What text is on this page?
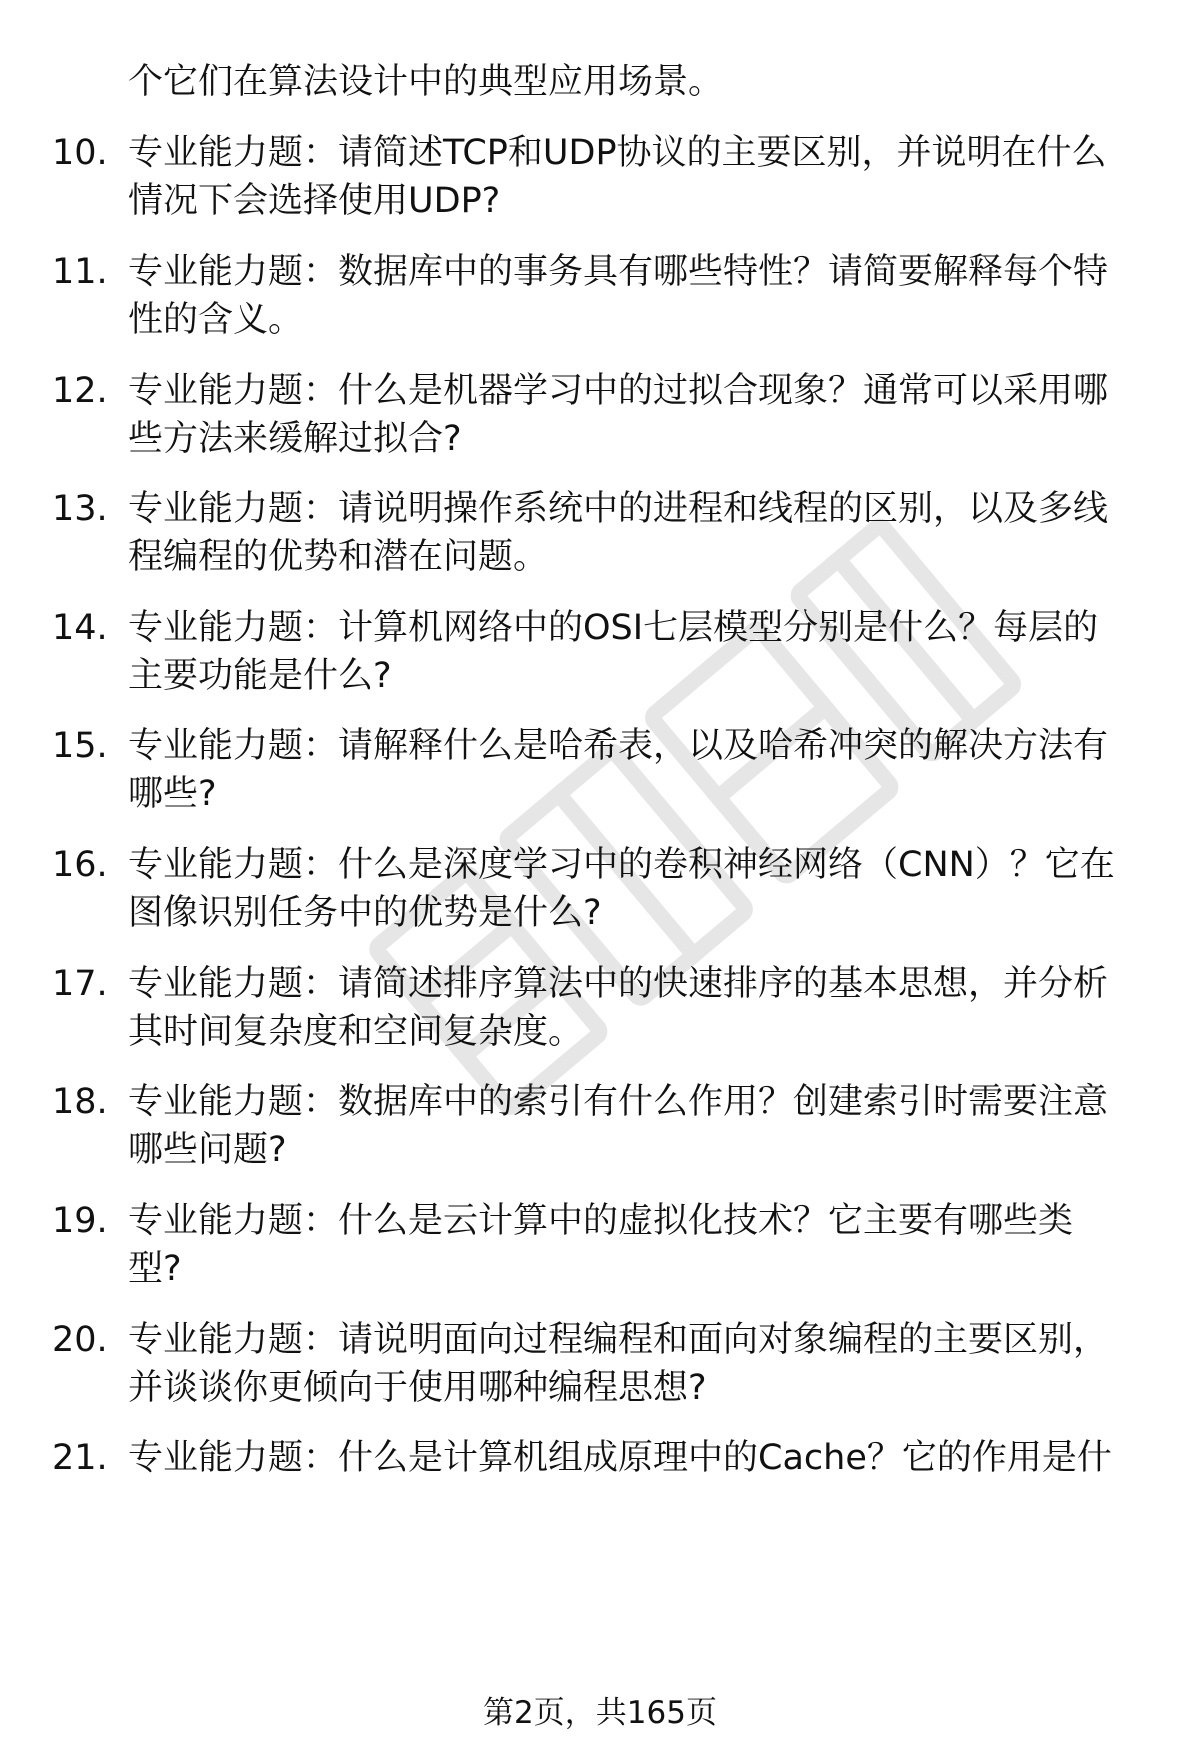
个它们在算法设计中的典型应用场景。
10. 专业能力题：请简述TCP和UDP协议的主要区别，并说明在什么
情况下会选择使用UDP?
11. 专业能力题：数据库中的事务具有哪些特性？请简要解释每个特
性的含义。
12. 专业能力题：什么是机器学习中的过拟合现象？通常可以采用哪
些方法来缓解过拟合?
13. 专业能力题：请说明操作系统中的进程和线程的区别，以及多线
程编程的优势和潜在问题。
14. 专业能力题：计算机网络中的OSI七层模型分别是什么？每层的
主要功能是什么?
15. 专业能力题：请解释什么是哈希表，以及哈希冲突的解决方法有
哪些?
16. 专业能力题：什么是深度学习中的卷积神经网络（CNN）？它在
图像识别任务中的优势是什么?
17. 专业能力题：请简述排序算法中的快速排序的基本思想，并分析
其时间复杂度和空间复杂度。
18. 专业能力题：数据库中的索引有什么作用？创建索引时需要注意
哪些问题?
19. 专业能力题：什么是云计算中的虚拟化技术？它主要有哪些类
型?
20. 专业能力题：请说明面向过程编程和面向对象编程的主要区别，
并谈谈你更倾向于使用哪种编程思想?
21. 专业能力题：什么是计算机组成原理中的Cache？它的作用是什
第2页，共165页
